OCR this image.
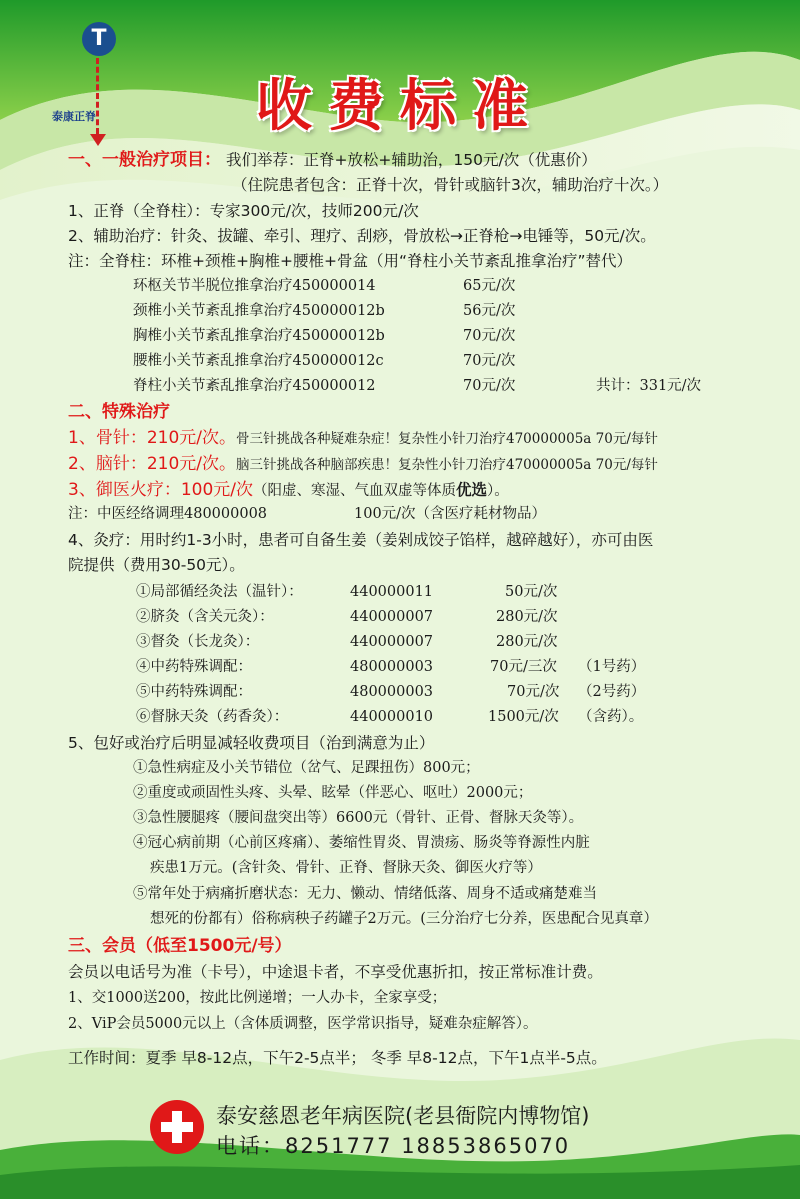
T
泰康正脊	收费标准
一、一般治疗项目： 我们举荐：正脊+放松+辅助治，150元/次（优惠价）
（住院患者包含：正脊十次，骨针或脑针3次，辅助治疗十次。）
1、正脊（全脊柱）：专家300元/次，技师200元/次
2、辅助治疗：针灸、拔罐、牵引、理疗、刮痧，骨放松→正脊枪→电锤等，50元/次。
注：全脊柱：环椎+颈椎+胸椎+腰椎+骨盆（用“脊柱小关节紊乱推拿治疗”替代）
环枢关节半脱位推拿治疗450000014	65元/次
颈椎小关节紊乱推拿治疗450000012b	56元/次
胸椎小关节紊乱推拿治疗450000012b	70元/次
腰椎小关节紊乱推拿治疗450000012c	70元/次
脊柱小关节紊乱推拿治疗450000012	70元/次	共计：331元/次
二、特殊治疗
1、骨针：210元/次。骨三针挑战各种疑难杂症！复杂性小针刀治疗470000005a 70元/每针
2、脑针：210元/次。脑三针挑战各种脑部疾患！复杂性小针刀治疗470000005a 70元/每针
3、御医火疗：100元/次（阳虚、寒湿、气血双虚等体质优选）。
注：中医经络调理480000008	100元/次（含医疗耗材物品）
4、灸疗：用时约1-3小时，患者可自备生姜（姜剁成饺子馅样，越碎越好），亦可由医
院提供（费用30-50元）。
①局部循经灸法（温针）：	440000011	50元/次
②脐灸（含关元灸）：	440000007	280元/次
③督灸（长龙灸）：	440000007	280元/次
④中药特殊调配：	480000003	70元/三次 （1号药）
⑤中药特殊调配：	480000003	70元/次 （2号药）
⑥督脉天灸（药香灸）：	440000010	1500元/次 （含药）。
5、包好或治疗后明显减轻收费项目（治到满意为止）
①急性病症及小关节错位（岔气、足踝扭伤）800元；
②重度或顽固性头疼、头晕、眩晕（伴恶心、呕吐）2000元；
③急性腰腿疼（腰间盘突出等）6600元（骨针、正骨、督脉天灸等）。
④冠心病前期（心前区疼痛）、萎缩性胃炎、胃溃疡、肠炎等脊源性内脏
疾患1万元。(含针灸、骨针、正脊、督脉天灸、御医火疗等）
⑤常年处于病痛折磨状态：无力、懒动、情绪低落、周身不适或痛楚难当
想死的份都有）俗称病秧子药罐子2万元。(三分治疗七分养，医患配合见真章）
三、会员（低至1500元/号）
会员以电话号为准（卡号），中途退卡者，不享受优惠折扣，按正常标准计费。
1、交1000送200，按此比例递增；一人办卡，全家享受；
2、ViP会员5000元以上（含体质调整，医学常识指导，疑难杂症解答）。
工作时间：夏季 早8-12点，下午2-5点半； 冬季 早8-12点，下午1点半-5点。
泰安慈恩老年病医院(老县衙院内博物馆)
电话：8251777 18853865070
